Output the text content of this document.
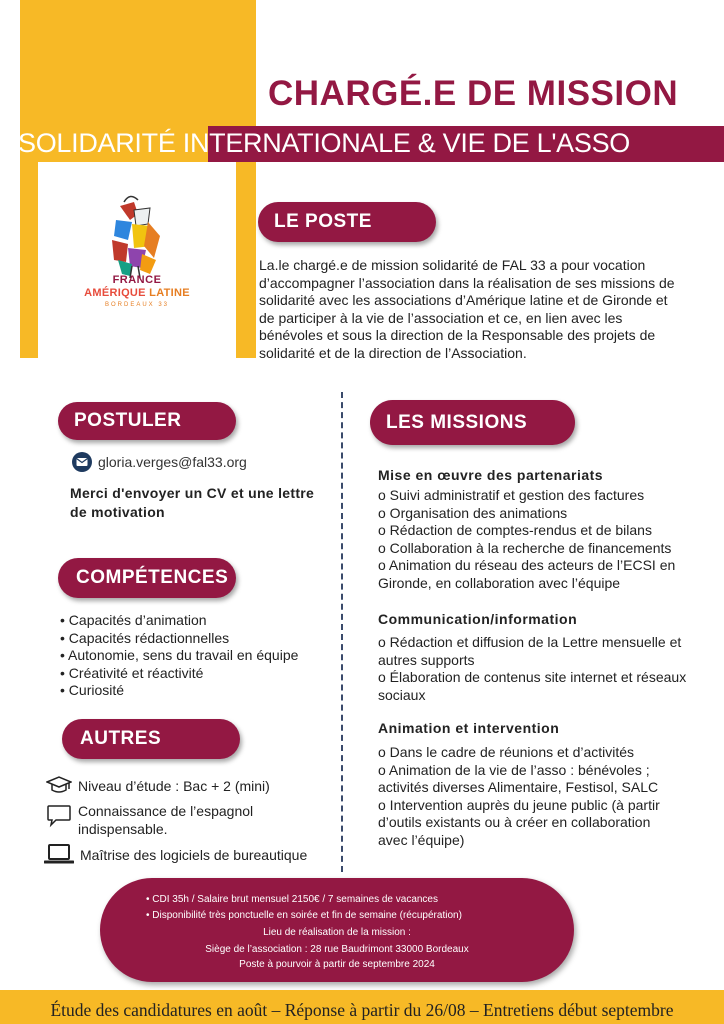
FRANCE
AMÉRIQUE LATINE
BORDEAUX 33
CHARGÉ.E DE MISSION
SOLIDARITÉ INTERNATIONALE & VIE DE L'ASSO
LE POSTE
La.le chargé.e de mission solidarité de FAL 33 a pour vocation d’accompagner l’association dans la réalisation de ses missions de solidarité avec les associations d’Amérique latine et de Gironde et de participer à la vie de l’association et ce, en lien avec les bénévoles et sous la direction de la Responsable des projets de solidarité et de la direction de l’Association.
POSTULER
gloria.verges@fal33.org
Merci d'envoyer un CV et une lettre de motivation
COMPÉTENCES
• Capacités d’animation
• Capacités rédactionnelles
• Autonomie, sens du travail en équipe
• Créativité et réactivité
• Curiosité
AUTRES
Niveau d’étude : Bac + 2 (mini)
Connaissance de l’espagnol indispensable.
Maîtrise des logiciels de bureautique
LES MISSIONS
Mise en œuvre des partenariats
o Suivi administratif et gestion des factures
o Organisation des animations
o Rédaction de comptes-rendus et de bilans
o Collaboration à la recherche de financements
o Animation du réseau des acteurs de l’ECSI en Gironde, en collaboration avec l’équipe
Communication/information
o Rédaction et diffusion de la Lettre mensuelle et autres supports
o Élaboration de contenus site internet et réseaux sociaux
Animation et intervention
o Dans le cadre de réunions et d’activités
o Animation de la vie de l’asso : bénévoles ; activités diverses Alimentaire, Festisol, SALC
o Intervention auprès du jeune public (à partir d’outils existants ou à créer en collaboration avec l’équipe)
• CDI 35h / Salaire brut mensuel 2150€ / 7 semaines de vacances
• Disponibilité très ponctuelle en soirée et fin de semaine (récupération)
Lieu de réalisation de la mission :
Siège de l’association : 28 rue Baudrimont 33000 Bordeaux
Poste à pourvoir à partir de septembre 2024
Étude des candidatures en août – Réponse à partir du 26/08 – Entretiens début septembre
